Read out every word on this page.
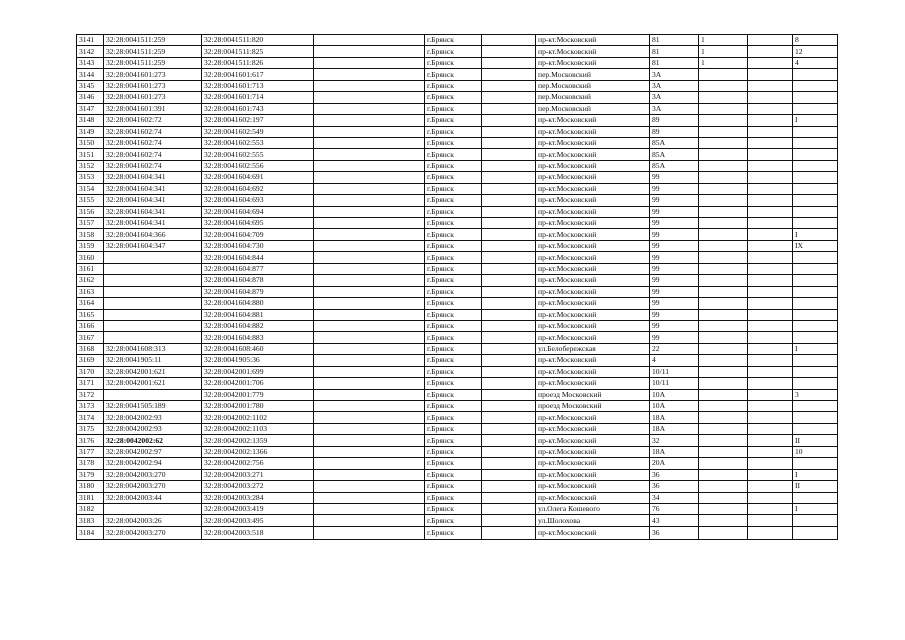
3141	32:28:0041511:259	32:28:0041511:820		г.Брянск		пр-кт.Московский	81	1		8
3142	32:28:0041511:259	32:28:0041511:825		г.Брянск		пр-кт.Московский	81	1		12
3143	32:28:0041511:259	32:28:0041511:826		г.Брянск		пр-кт.Московский	81	1		4
3144	32:28:0041601:273	32:28:0041601:617		г.Брянск		пер.Московский	3А			
3145	32:28:0041601:273	32:28:0041601:713		г.Брянск		пер.Московский	3А			
3146	32:28:0041601:273	32:28:0041601:714		г.Брянск		пер.Московский	3А			
3147	32:28:0041601:391	32:28:0041601:743		г.Брянск		пер.Московский	3А			
3148	32:28:0041602:72	32:28:0041602:197		г.Брянск		пр-кт.Московский	89			I
3149	32:28:0041602:74	32:28:0041602:549		г.Брянск		пр-кт.Московский	89			
3150	32:28:0041602:74	32:28:0041602:553		г.Брянск		пр-кт.Московский	85А			
3151	32:28:0041602:74	32:28:0041602:555		г.Брянск		пр-кт.Московский	85А			
3152	32:28:0041602:74	32:28:0041602:556		г.Брянск		пр-кт.Московский	85А			
3153	32:28:0041604:341	32:28:0041604:691		г.Брянск		пр-кт.Московский	99			
3154	32:28:0041604:341	32:28:0041604:692		г.Брянск		пр-кт.Московский	99			
3155	32:28:0041604:341	32:28:0041604:693		г.Брянск		пр-кт.Московский	99			
3156	32:28:0041604:341	32:28:0041604:694		г.Брянск		пр-кт.Московский	99			
3157	32:28:0041604:341	32:28:0041604:695		г.Брянск		пр-кт.Московский	99			
3158	32:28:0041604:366	32:28:0041604:709		г.Брянск		пр-кт.Московский	99			I
3159	32:28:0041604:347	32:28:0041604:730		г.Брянск		пр-кт.Московский	99			IX
3160		32:28:0041604:844		г.Брянск		пр-кт.Московский	99			
3161		32:28:0041604:877		г.Брянск		пр-кт.Московский	99			
3162		32:28:0041604:878		г.Брянск		пр-кт.Московский	99			
3163		32:28:0041604:879		г.Брянск		пр-кт.Московский	99			
3164		32:28:0041604:880		г.Брянск		пр-кт.Московский	99			
3165		32:28:0041604:881		г.Брянск		пр-кт.Московский	99			
3166		32:28:0041604:882		г.Брянск		пр-кт.Московский	99			
3167		32:28:0041604:883		г.Брянск		пр-кт.Московский	99			
3168	32:28:0041608:313	32:28:0041608:460		г.Брянск		ул.Белобережская	22			I
3169	32:28:0041905:11	32:28:0041905:36		г.Брянск		пр-кт.Московский	4			
3170	32:28:0042001:621	32:28:0042001:699		г.Брянск		пр-кт.Московский	10/11			
3171	32:28:0042001:621	32:28:0042001:706		г.Брянск		пр-кт.Московский	10/11			
3172		32:28:0042001:779		г.Брянск		проезд Московский	10А			3
3173	32:28:0041505:189	32:28:0042001:780		г.Брянск		проезд Московский	10А			
3174	32:28:0042002:93	32:28:0042002:1102		г.Брянск		пр-кт.Московский	18А			
3175	32:28:0042002:93	32:28:0042002:1103		г.Брянск		пр-кт.Московский	18А			
3176	32:28:0042002:62	32:28:0042002:1359		г.Брянск		пр-кт.Московский	32			II
3177	32:28:0042002:97	32:28:0042002:1366		г.Брянск		пр-кт.Московский	18А			10
3178	32:28:0042002:94	32:28:0042002:756		г.Брянск		пр-кт.Московский	20А			
3179	32:28:0042003:270	32:28:0042003:271		г.Брянск		пр-кт.Московский	36			I
3180	32:28:0042003:270	32:28:0042003:272		г.Брянск		пр-кт.Московский	36			II
3181	32:28:0042003:44	32:28:0042003:284		г.Брянск		пр-кт.Московский	34			
3182		32:28:0042003:419		г.Брянск		ул.Олега Кошевого	76			I
3183	32:28:0042003:26	32:28:0042003:495		г.Брянск		ул.Шолохова	43			
3184	32:28:0042003:270	32:28:0042003:518		г.Брянск		пр-кт.Московский	36			
